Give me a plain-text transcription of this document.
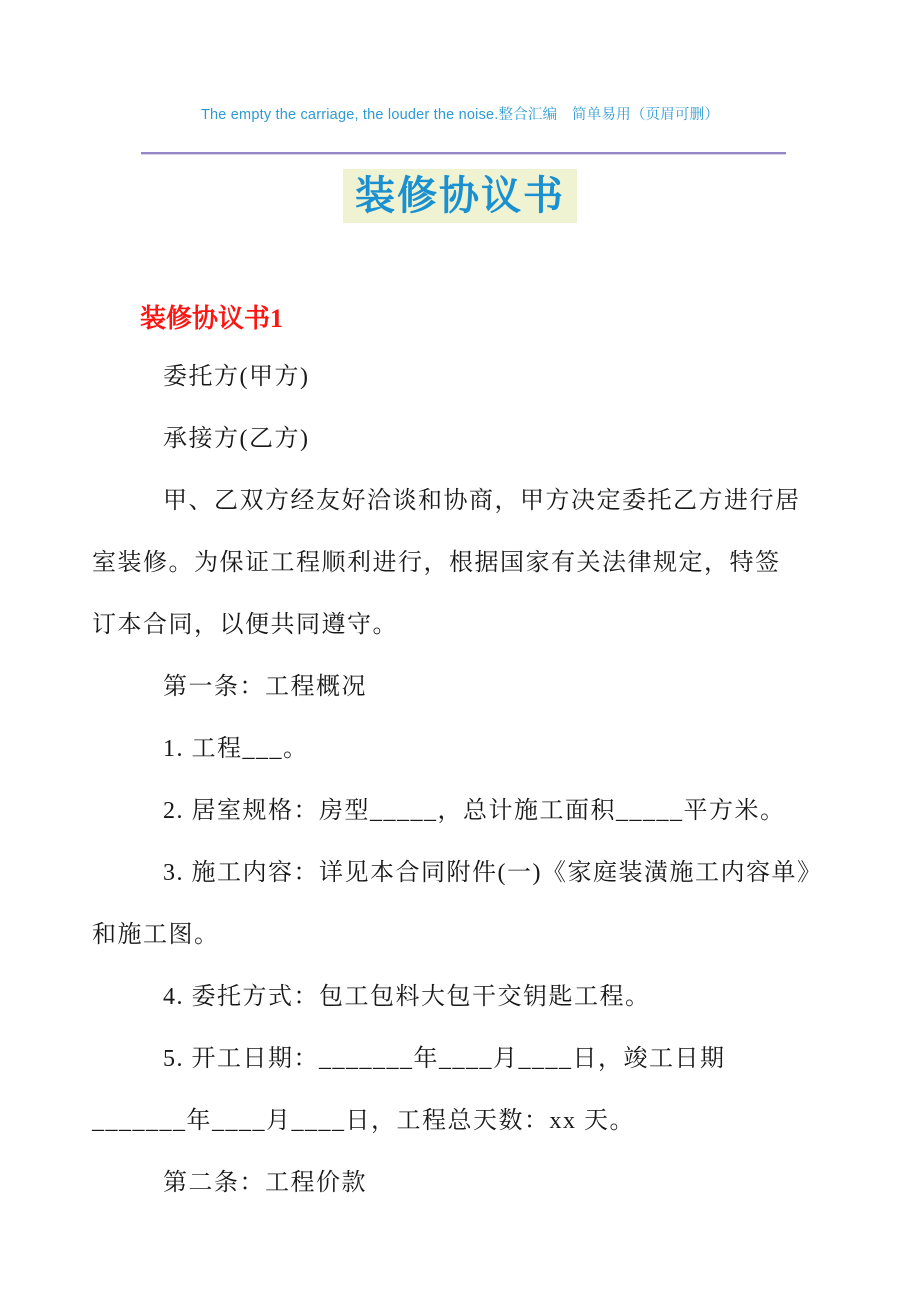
The empty the carriage, the louder the noise.整合汇编　简单易用（页眉可删）
装修协议书
装修协议书1

委托方(甲方)

承接方(乙方)

甲、乙双方经友好洽谈和协商，甲方决定委托乙方进行居
室装修。为保证工程顺利进行，根据国家有关法律规定，特签
订本合同，以便共同遵守。

第一条：工程概况

1. 工程___。

2. 居室规格：房型_____，总计施工面积_____平方米。

3. 施工内容：详见本合同附件(一)《家庭装潢施工内容单》
和施工图。

4. 委托方式：包工包料大包干交钥匙工程。

5. 开工日期：_______年____月____日，竣工日期
_______年____月____日，工程总天数：xx 天。

第二条：工程价款
